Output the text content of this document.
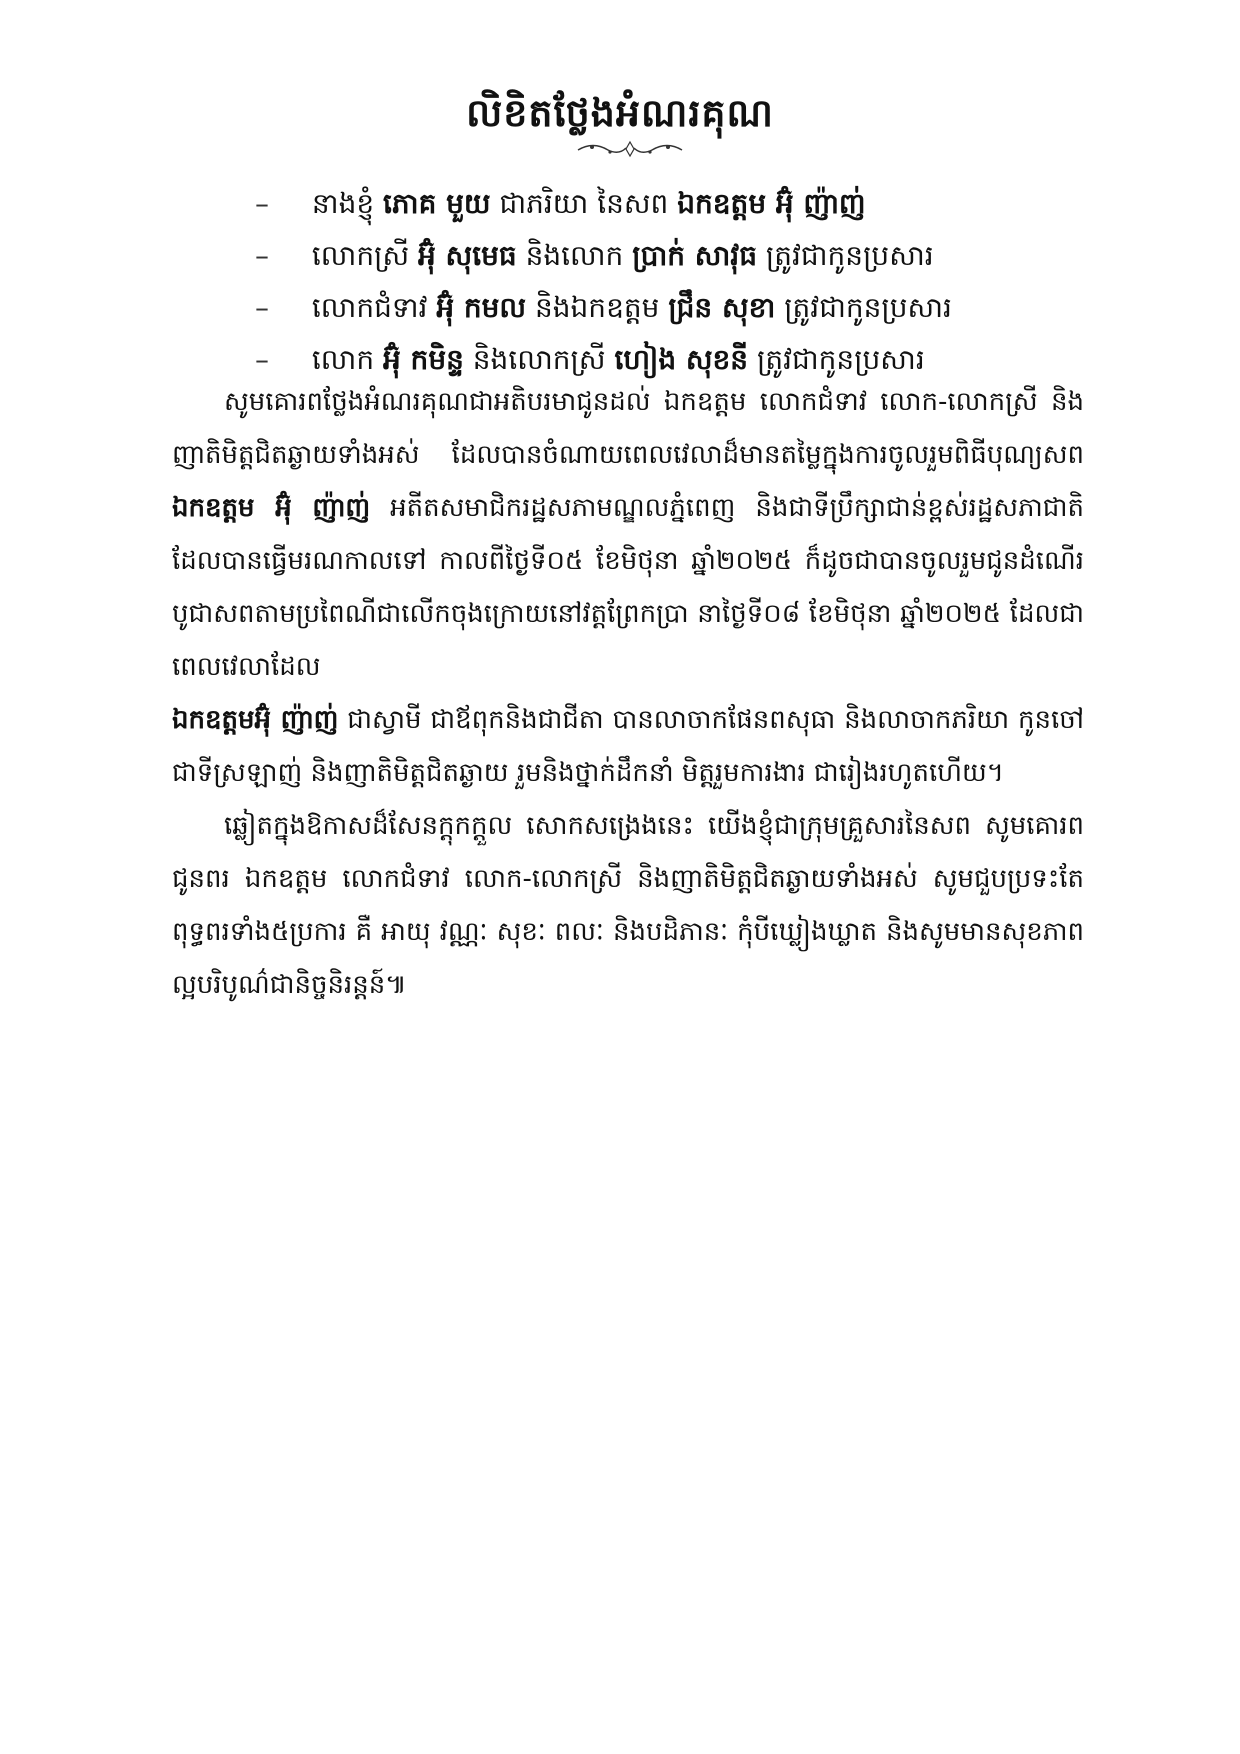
លិខិតថ្លែងអំណរគុណ
– នាងខ្ញុំ ភោគ មួយ ជាភរិយា នៃសព ឯកឧត្តម អ៊ុំ ញ៉ាញ់
– លោកស្រី អ៊ុំ សុមេធ និងលោក ប្រាក់ សាវុធ ត្រូវជាកូនប្រសារ
– លោកជំទាវ អ៊ុំ កមល និងឯកឧត្តម ជ្រឹន សុខា ត្រូវជាកូនប្រសារ
– លោក អ៊ុំ កមិន្ទ និងលោកស្រី ហៀង សុខនី ត្រូវជាកូនប្រសារ

សូមគោរពថ្លែងអំណរគុណជាអតិបរមាជូនដល់ ឯកឧត្តម លោកជំទាវ លោក-លោកស្រី និងញាតិមិត្តជិតឆ្ងាយទាំងអស់ ដែលបានចំណាយពេលវេលាដ៏មានតម្លៃក្នុងការចូលរួមពិធីបុណ្យសព ឯកឧត្តម អ៊ុំ ញ៉ាញ់ អតីតសមាជិករដ្ឋសភាមណ្ឌលភ្នំពេញ និងជាទីប្រឹក្សាជាន់ខ្ពស់រដ្ឋសភាជាតិ ដែលបានធ្វើមរណកាលទៅ កាលពីថ្ងៃទី០៥ ខែមិថុនា ឆ្នាំ២០២៥ ក៏ដូចជាបានចូលរួមជូនដំណើរបូជាសពតាមប្រពៃណីជាលើកចុងក្រោយនៅវត្តព្រែកប្រា នាថ្ងៃទី០៨ ខែមិថុនា ឆ្នាំ២០២៥ ដែលជាពេលវេលាដែល
ឯកឧត្តមអ៊ុំ ញ៉ាញ់ ជាស្វាមី ជាឪពុកនិងជាជីតា បានលាចាកផែនពសុធា និងលាចាកភរិយា កូនចៅជាទីស្រឡាញ់ និងញាតិមិត្តជិតឆ្ងាយ រួមនិងថ្នាក់ដឹកនាំ មិត្តរួមការងារ ជារៀងរហូតហើយ។

ឆ្លៀតក្នុងឱកាសដ៏សែនក្តុកក្តួល សោកសង្រេងនេះ យើងខ្ញុំជាក្រុមគ្រួសារនៃសព សូមគោរពជូនពរ ឯកឧត្តម លោកជំទាវ លោក-លោកស្រី និងញាតិមិត្តជិតឆ្ងាយទាំងអស់ សូមជួបប្រទះតែពុទ្ធពរទាំង៥ប្រការ គឺ អាយុ វណ្ណៈ សុខៈ ពលៈ និងបដិភានៈ កុំបីឃ្លៀងឃ្លាត និងសូមមានសុខភាពល្អបរិបូណ៌ជានិច្ចនិរន្តន៍៕
